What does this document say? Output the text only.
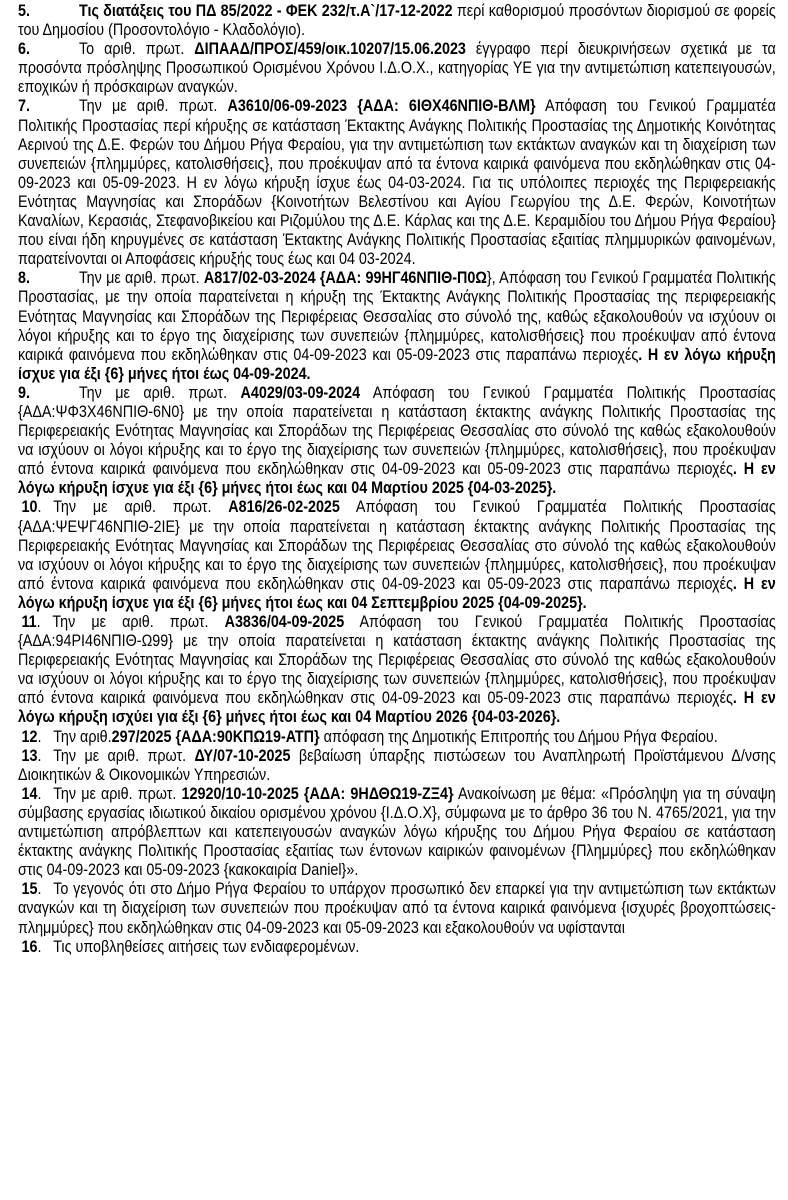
5.	Τις διατάξεις του ΠΔ 85/2022 - ΦΕΚ 232/τ.Α`/17-12-2022 περί καθορισμού προσόντων διορισμού σε φορείς του Δημοσίου (Προσοντολόγιο - Κλαδολόγιο).
6.	Το αριθ. πρωτ. ΔΙΠΑΑΔ/ΠΡΟΣ/459/οικ.10207/15.06.2023 έγγραφο περί διευκρινήσεων σχετικά με τα προσόντα πρόσληψης Προσωπικού Ορισμένου Χρόνου Ι.Δ.Ο.Χ., κατηγορίας ΥΕ για την αντιμετώπιση κατεπειγουσών, εποχικών ή πρόσκαιρων αναγκών.
7.	Την με αριθ. πρωτ. Α3610/06-09-2023 {ΑΔΑ: 6ΙΘΧ46ΝΠΙΘ-ΒΛΜ} Απόφαση του Γενικού Γραμματέα Πολιτικής Προστασίας περί κήρυξης σε κατάσταση Έκτακτης Ανάγκης Πολιτικής Προστασίας της Δημοτικής Κοινότητας Αερινού της Δ.Ε. Φερών του Δήμου Ρήγα Φεραίου, για την αντιμετώπιση των εκτάκτων αναγκών και τη διαχείριση των συνεπειών {πλημμύρες, κατολισθήσεις}, που προέκυψαν από τα έντονα καιρικά φαινόμενα που εκδηλώθηκαν στις 04-09-2023 και 05-09-2023. Η εν λόγω κήρυξη ίσχυε έως 04-03-2024. Για τις υπόλοιπες περιοχές της Περιφερειακής Ενότητας Μαγνησίας και Σποράδων {Κοινοτήτων Βελεστίνου και Αγίου Γεωργίου της Δ.Ε. Φερών, Κοινοτήτων Καναλίων, Κερασιάς, Στεφανοβικείου και Ριζομύλου της Δ.Ε. Κάρλας και της Δ.Ε. Κεραμιδίου του Δήμου Ρήγα Φεραίου} που είναι ήδη κηρυγμένες σε κατάσταση Έκτακτης Ανάγκης Πολιτικής Προστασίας εξαιτίας πλημμυρικών φαινομένων, παρατείνονται οι Αποφάσεις κήρυξής τους έως και 04 03-2024.
8.	Την με αριθ. πρωτ. Α817/02-03-2024 {ΑΔΑ: 99ΗΓ46ΝΠΙΘ-Π0Ω}, Απόφαση του Γενικού Γραμματέα Πολιτικής Προστασίας, με την οποία παρατείνεται η κήρυξη της Έκτακτης Ανάγκης Πολιτικής Προστασίας της περιφερειακής Ενότητας Μαγνησίας και Σποράδων της Περιφέρειας Θεσσαλίας στο σύνολό της, καθώς εξακολουθούν να ισχύουν οι λόγοι κήρυξης και το έργο της διαχείρισης των συνεπειών {πλημμύρες, κατολισθήσεις} που προέκυψαν από έντονα καιρικά φαινόμενα που εκδηλώθηκαν στις 04-09-2023 και 05-09-2023 στις παραπάνω περιοχές. Η εν λόγω κήρυξη ίσχυε για έξι {6} μήνες ήτοι έως 04-09-2024.
9.	Την με αριθ. πρωτ. Α4029/03-09-2024 Απόφαση του Γενικού Γραμματέα Πολιτικής Προστασίας {ΑΔΑ:ΨΦ3Χ46ΝΠΙΘ-6Ν0} με την οποία παρατείνεται η κατάσταση έκτακτης ανάγκης Πολιτικής Προστασίας της Περιφερειακής Ενότητας Μαγνησίας και Σποράδων της Περιφέρειας Θεσσαλίας στο σύνολό της καθώς εξακολουθούν να ισχύουν οι λόγοι κήρυξης και το έργο της διαχείρισης των συνεπειών {πλημμύρες, κατολισθήσεις}, που προέκυψαν από έντονα καιρικά φαινόμενα που εκδηλώθηκαν στις 04-09-2023 και 05-09-2023 στις παραπάνω περιοχές. Η εν λόγω κήρυξη ίσχυε για έξι {6} μήνες ήτοι έως και 04 Μαρτίου 2025 {04-03-2025}.
10.Την με αριθ. πρωτ. Α816/26-02-2025 Απόφαση του Γενικού Γραμματέα Πολιτικής Προστασίας {ΑΔΑ:ΨΕΨΓ46ΝΠΙΘ-2ΙΕ} με την οποία παρατείνεται η κατάσταση έκτακτης ανάγκης Πολιτικής Προστασίας της Περιφερειακής Ενότητας Μαγνησίας και Σποράδων της Περιφέρειας Θεσσαλίας στο σύνολό της καθώς εξακολουθούν να ισχύουν οι λόγοι κήρυξης και το έργο της διαχείρισης των συνεπειών {πλημμύρες, κατολισθήσεις}, που προέκυψαν από έντονα καιρικά φαινόμενα που εκδηλώθηκαν στις 04-09-2023 και 05-09-2023 στις παραπάνω περιοχές. Η εν λόγω κήρυξη ίσχυε για έξι {6} μήνες ήτοι έως και 04 Σεπτεμβρίου 2025 {04-09-2025}.
11.Την με αριθ. πρωτ. Α3836/04-09-2025 Απόφαση του Γενικού Γραμματέα Πολιτικής Προστασίας {ΑΔΑ:94ΡΙ46ΝΠΙΘ-Ω99} με την οποία παρατείνεται η κατάσταση έκτακτης ανάγκης Πολιτικής Προστασίας της Περιφερειακής Ενότητας Μαγνησίας και Σποράδων της Περιφέρειας Θεσσαλίας στο σύνολό της καθώς εξακολουθούν να ισχύουν οι λόγοι κήρυξης και το έργο της διαχείρισης των συνεπειών {πλημμύρες, κατολισθήσεις}, που προέκυψαν από έντονα καιρικά φαινόμενα που εκδηλώθηκαν στις 04-09-2023 και 05-09-2023 στις παραπάνω περιοχές. Η εν λόγω κήρυξη ισχύει για έξι {6} μήνες ήτοι έως και 04 Μαρτίου 2026 {04-03-2026}.
12.Την αριθ.297/2025 {ΑΔΑ:90ΚΠΩ19-ΑΤΠ} απόφαση της Δημοτικής Επιτροπής του Δήμου Ρήγα Φεραίου.
13.Την με αριθ. πρωτ. ΔΥ/07-10-2025 βεβαίωση ύπαρξης πιστώσεων του Αναπληρωτή Προϊστάμενου Δ/νσης Διοικητικών & Οικονομικών Υπηρεσιών.
14.Την με αριθ. πρωτ. 12920/10-10-2025 {ΑΔΑ: 9ΗΔΘΩ19-ΖΞ4} Ανακοίνωση με θέμα: «Πρόσληψη για τη σύναψη σύμβασης εργασίας ιδιωτικού δικαίου ορισμένου χρόνου {Ι.Δ.Ο.Χ}, σύμφωνα με το άρθρο 36 του Ν. 4765/2021, για την αντιμετώπιση απρόβλεπτων και κατεπειγουσών αναγκών λόγω κήρυξης του Δήμου Ρήγα Φεραίου σε κατάσταση έκτακτης ανάγκης Πολιτικής Προστασίας εξαιτίας των έντονων καιρικών φαινομένων {Πλημμύρες} που εκδηλώθηκαν στις 04-09-2023 και 05-09-2023 {κακοκαιρία Daniel}».
15.Το γεγονός ότι στο Δήμο Ρήγα Φεραίου το υπάρχον προσωπικό δεν επαρκεί για την αντιμετώπιση των εκτάκτων αναγκών και τη διαχείριση των συνεπειών που προέκυψαν από τα έντονα καιρικά φαινόμενα {ισχυρές βροχοπτώσεις-πλημμύρες} που εκδηλώθηκαν στις 04-09-2023 και 05-09-2023 και εξακολουθούν να υφίστανται
16.Τις υποβληθείσες αιτήσεις των ενδιαφερομένων.
